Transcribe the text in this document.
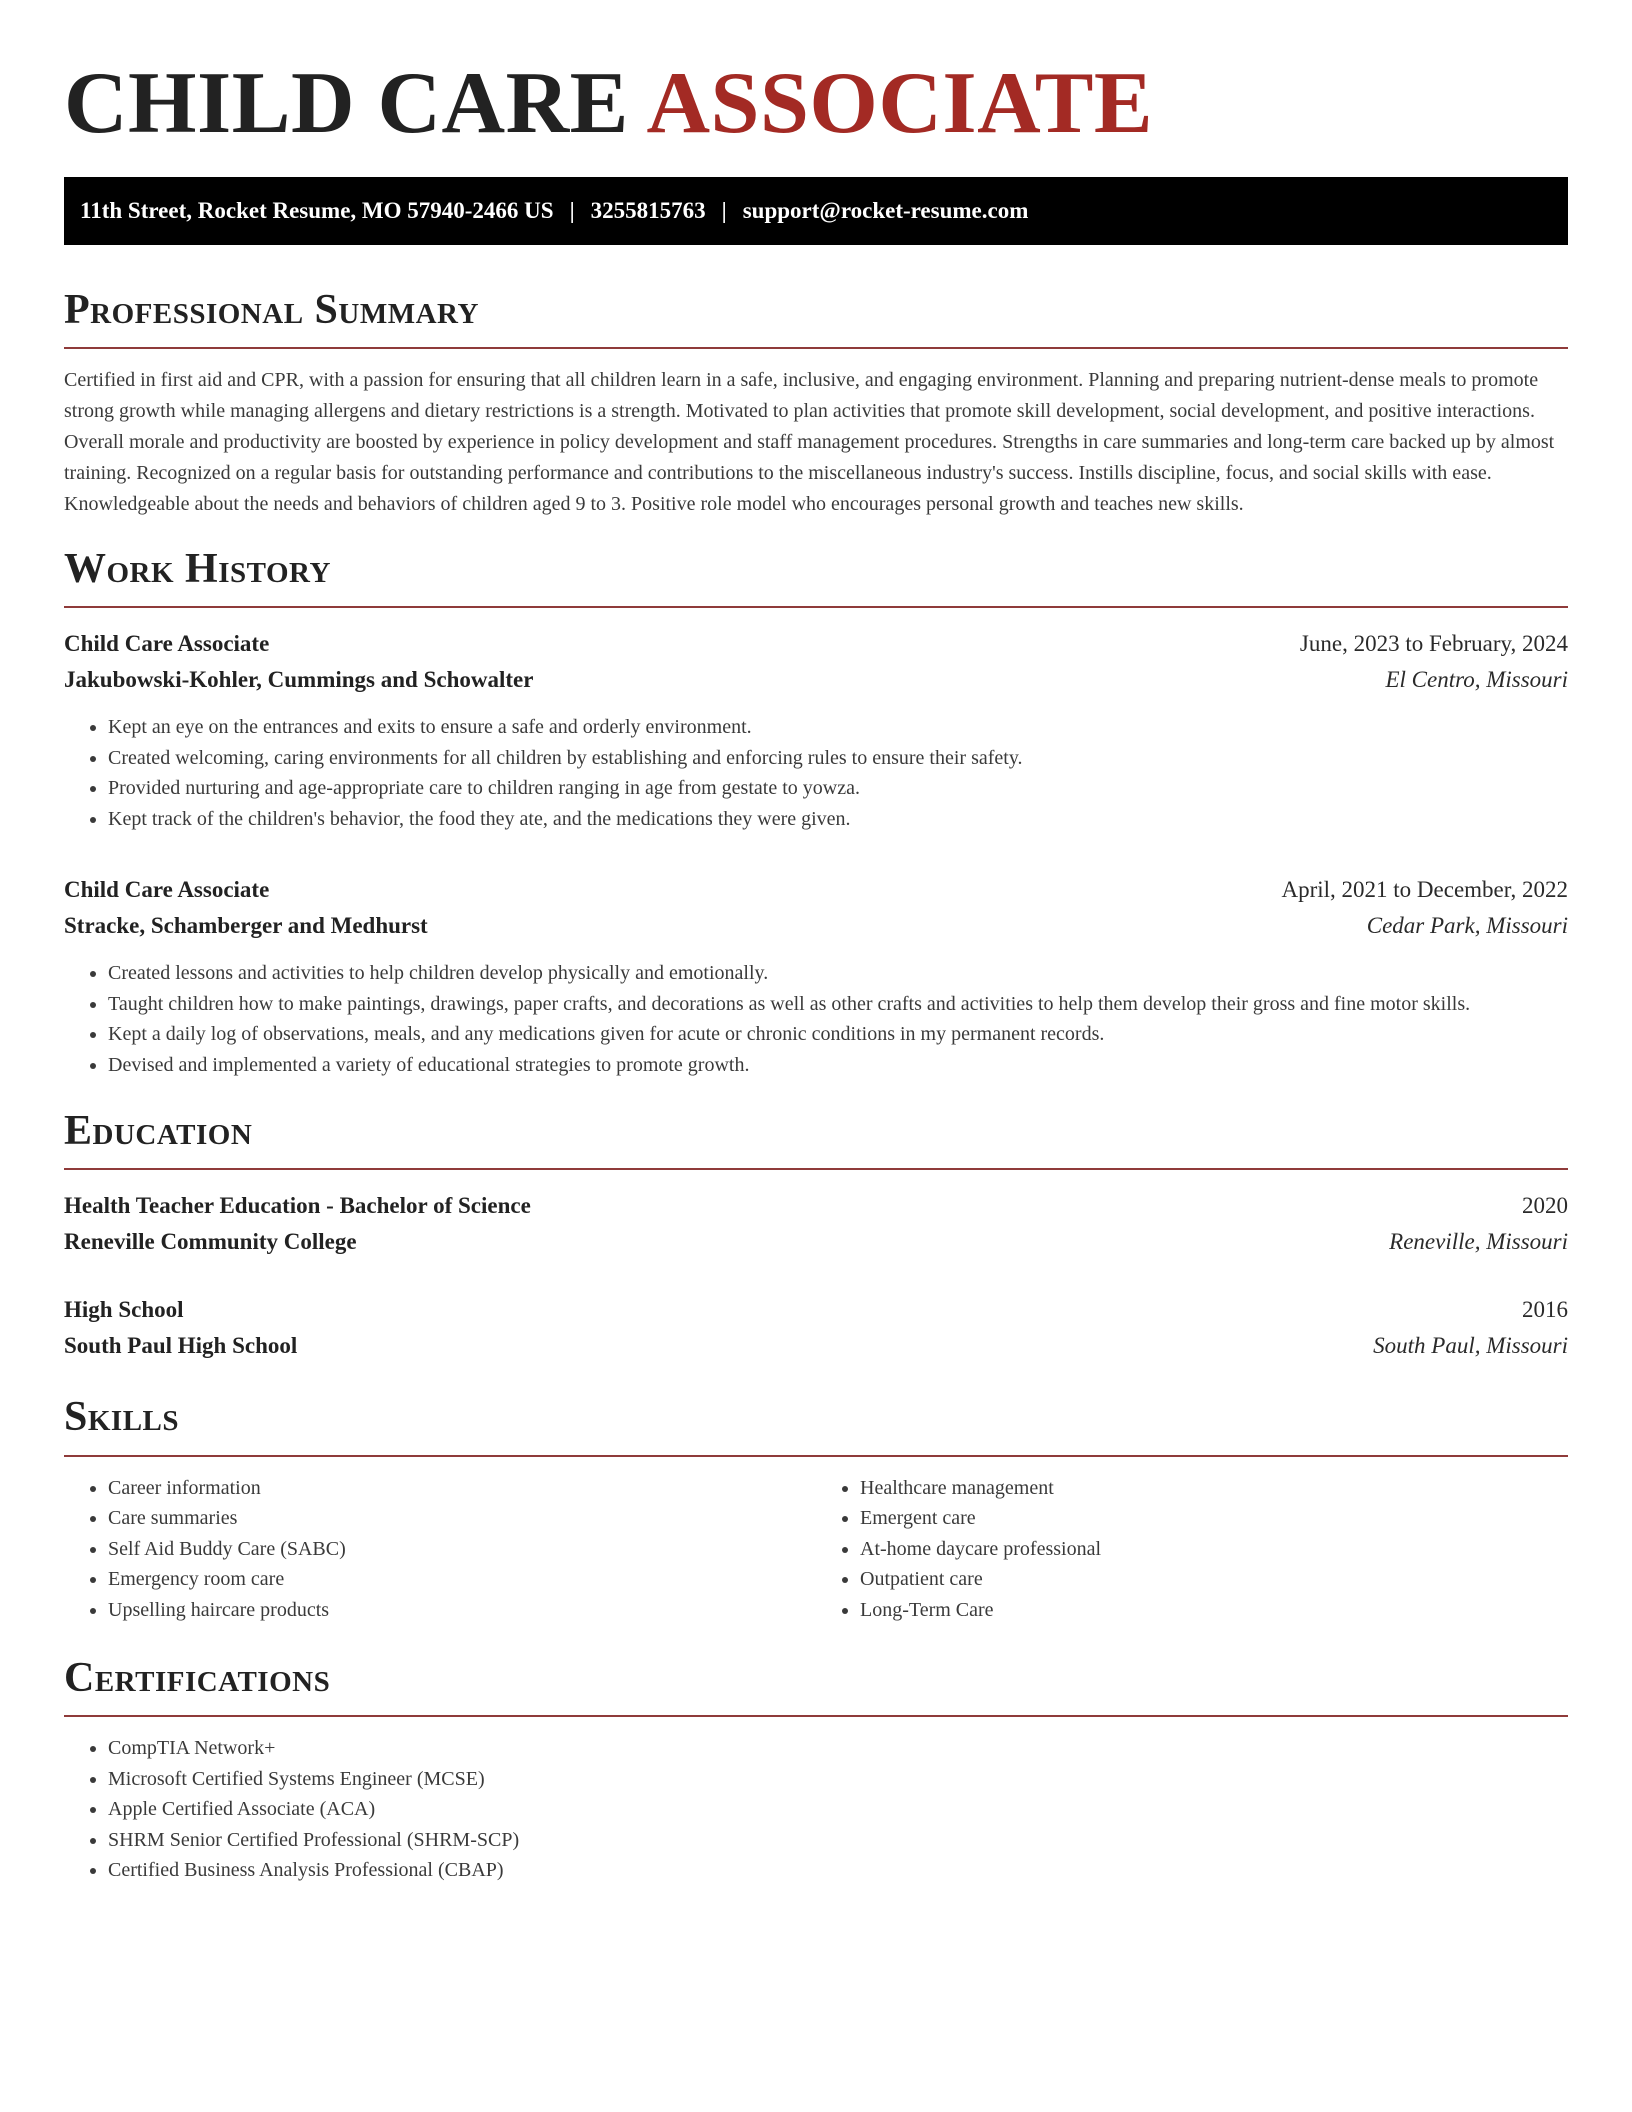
CHILD CARE ASSOCIATE
11th Street, Rocket Resume, MO 57940-2466 US | 3255815763 | support@rocket-resume.com
Professional Summary

Certified in first aid and CPR, with a passion for ensuring that all children learn in a safe, inclusive, and engaging environment. Planning and preparing nutrient-dense meals to promote strong growth while managing allergens and dietary restrictions is a strength. Motivated to plan activities that promote skill development, social development, and positive interactions. Overall morale and productivity are boosted by experience in policy development and staff management procedures. Strengths in care summaries and long-term care backed up by almost training. Recognized on a regular basis for outstanding performance and contributions to the miscellaneous industry's success. Instills discipline, focus, and social skills with ease. Knowledgeable about the needs and behaviors of children aged 9 to 3. Positive role model who encourages personal growth and teaches new skills.

Work History
Child Care Associate	June, 2023 to February, 2024
Jakubowski-Kohler, Cummings and Schowalter	El Centro, Missouri
• Kept an eye on the entrances and exits to ensure a safe and orderly environment.
• Created welcoming, caring environments for all children by establishing and enforcing rules to ensure their safety.
• Provided nurturing and age-appropriate care to children ranging in age from gestate to yowza.
• Kept track of the children's behavior, the food they ate, and the medications they were given.
Child Care Associate	April, 2021 to December, 2022
Stracke, Schamberger and Medhurst	Cedar Park, Missouri
• Created lessons and activities to help children develop physically and emotionally.
• Taught children how to make paintings, drawings, paper crafts, and decorations as well as other crafts and activities to help them develop their gross and fine motor skills.
• Kept a daily log of observations, meals, and any medications given for acute or chronic conditions in my permanent records.
• Devised and implemented a variety of educational strategies to promote growth.
Education
Health Teacher Education - Bachelor of Science	2020
Reneville Community College	Reneville, Missouri
High School	2016
South Paul High School	South Paul, Missouri
Skills
• Career information
• Care summaries
• Self Aid Buddy Care (SABC)
• Emergency room care
• Upselling haircare products
• Healthcare management
• Emergent care
• At-home daycare professional
• Outpatient care
• Long-Term Care
Certifications
• CompTIA Network+
• Microsoft Certified Systems Engineer (MCSE)
• Apple Certified Associate (ACA)
• SHRM Senior Certified Professional (SHRM-SCP)
• Certified Business Analysis Professional (CBAP)
